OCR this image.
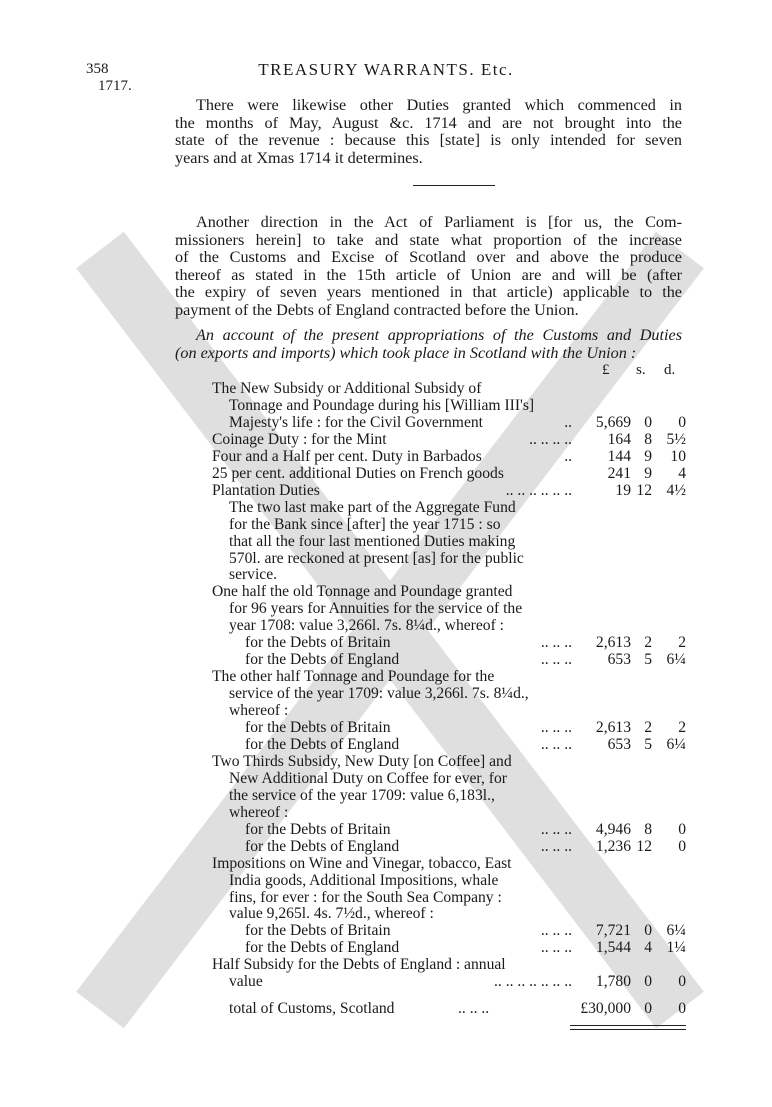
358
1717.
TREASURY WARRANTS. Etc.
There were likewise other Duties granted which commenced in
the months of May, August &c. 1714 and are not brought into the
state of the revenue : because this [state] is only intended for seven
years and at Xmas 1714 it determines.
Another direction in the Act of Parliament is [for us, the Com-
missioners herein] to take and state what proportion of the increase
of the Customs and Excise of Scotland over and above the produce
thereof as stated in the 15th article of Union are and will be (after
the expiry of seven years mentioned in that article) applicable to the
payment of the Debts of England contracted before the Union.
An account of the present appropriations of the Customs and Duties
(on exports and imports) which took place in Scotland with the Union :
£ s. d.
The New Subsidy or Additional Subsidy of
Tonnage and Poundage during his [William III's]
Majesty's life : for the Civil Government	..	5,669 0	0
Coinage Duty : for the Mint	.. .. .. ..	164 8 5½
Four and a Half per cent. Duty in Barbados	..	144 9	10
25 per cent. additional Duties on French goods	241 9	4
Plantation Duties	.. .. .. .. .. ..	19 12 4½
The two last make part of the Aggregate Fund
for the Bank since [after] the year 1715 : so
that all the four last mentioned Duties making
570l. are reckoned at present [as] for the public
service.
One half the old Tonnage and Poundage granted
for 96 years for Annuities for the service of the
year 1708: value 3,266l. 7s. 8¼d., whereof :
for the Debts of Britain	.. .. ..	2,613 2	2
for the Debts of England	.. .. ..	653 5 6¼
The other half Tonnage and Poundage for the
service of the year 1709: value 3,266l. 7s. 8¼d.,
whereof :
for the Debts of Britain	.. .. ..	2,613 2	2
for the Debts of England	.. .. ..	653 5 6¼
Two Thirds Subsidy, New Duty [on Coffee] and
New Additional Duty on Coffee for ever, for
the service of the year 1709: value 6,183l.,
whereof :
for the Debts of Britain	.. .. ..	4,946 8	0
for the Debts of England	.. .. ..	1,236 12	0
Impositions on Wine and Vinegar, tobacco, East
India goods, Additional Impositions, whale
fins, for ever : for the South Sea Company :
value 9,265l. 4s. 7½d., whereof :
for the Debts of Britain	.. .. ..	7,721 0 6¼
for the Debts of England	.. .. ..	1,544 4 1¼
Half Subsidy for the Debts of England : annual
value	.. .. .. .. .. .. ..	1,780 0	0
total of Customs, Scotland	.. .. ..	£30,000 0	0
